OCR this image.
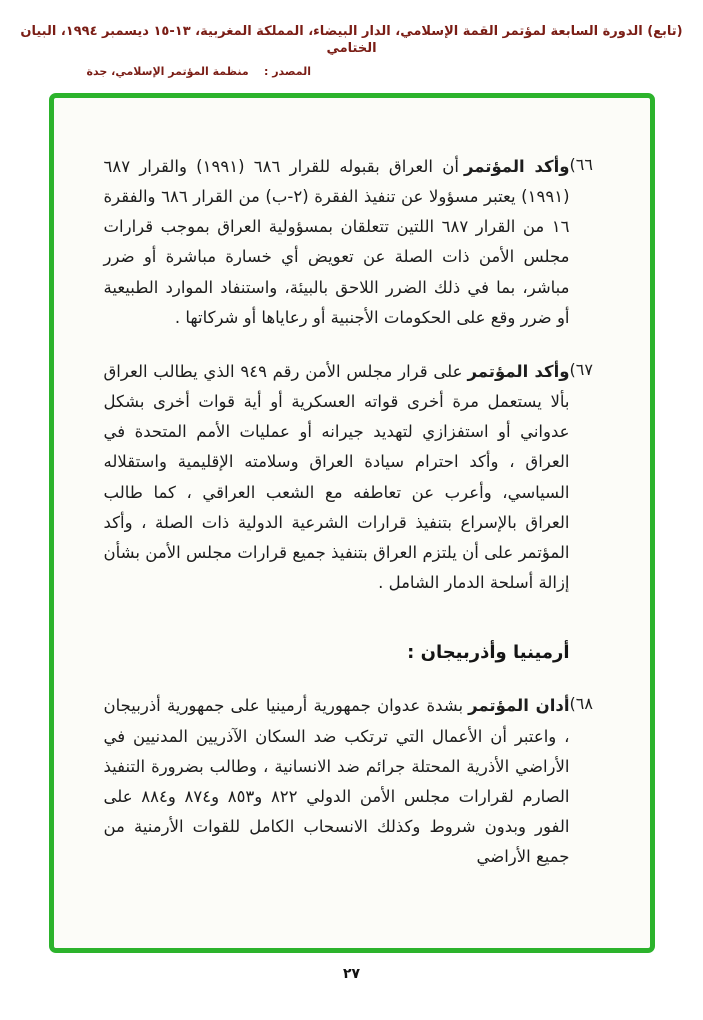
(تابع) الدورة السابعة لمؤتمر القمة الإسلامي، الدار البيضاء، المملكة المغربية، ١٣-١٥ ديسمبر ١٩٩٤، البيان الختامي
المصدر :    منظمة المؤتمر الإسلامي، جدة
(٦٦

وأكد المؤتمرأن العراق بقبوله للقرار ٦٨٦ (١٩٩١) والقرار ٦٨٧ (١٩٩١) يعتبر مسؤولا عن تنفيذ الفقرة (٢-ب) من القرار ٦٨٦ والفقرة ١٦ من القرار ٦٨٧ اللتين تتعلقان بمسؤولية العراق بموجب قرارات مجلس الأمن ذات الصلة عن تعويض أي خسارة مباشرة أو ضرر مباشر، بما في ذلك الضرر اللاحق بالبيئة، واستنفاد الموارد الطبيعية أو ضرر وقع على الحكومات الأجنبية أو رعاياها أو شركاتها .

(٦٧

وأكد المؤتمرعلى قرار مجلس الأمن رقم ٩٤٩ الذي يطالب العراق بألا يستعمل مرة أخرى قواته العسكرية أو أية قوات أخرى بشكل عدواني أو استفزازي لتهديد جيرانه أو عمليات الأمم المتحدة في العراق ، وأكد احترام سيادة العراق وسلامته الإقليمية واستقلاله السياسي، وأعرب عن تعاطفه مع الشعب العراقي ، كما طالب العراق بالإسراع بتنفيذ قرارات الشرعية الدولية ذات الصلة ، وأكد المؤتمر على أن يلتزم العراق بتنفيذ جميع قرارات مجلس الأمن بشأن إزالة أسلحة الدمار الشامل .

أرمينيا وأذربيجان :
(٦٨

أدان المؤتمربشدة عدوان جمهورية أرمينيا على جمهورية أذربيجان ، واعتبر أن الأعمال التي ترتكب ضد السكان الآذريين المدنيين في الأراضي الأذرية المحتلة جرائم ضد الانسانية ، وطالب بضرورة التنفيذ الصارم لقرارات مجلس الأمن الدولي ٨٢٢ و٨٥٣ و٨٧٤ و٨٨٤ على الفور وبدون شروط وكذلك الانسحاب الكامل للقوات الأرمنية من جميع الأراضي

٢٧
